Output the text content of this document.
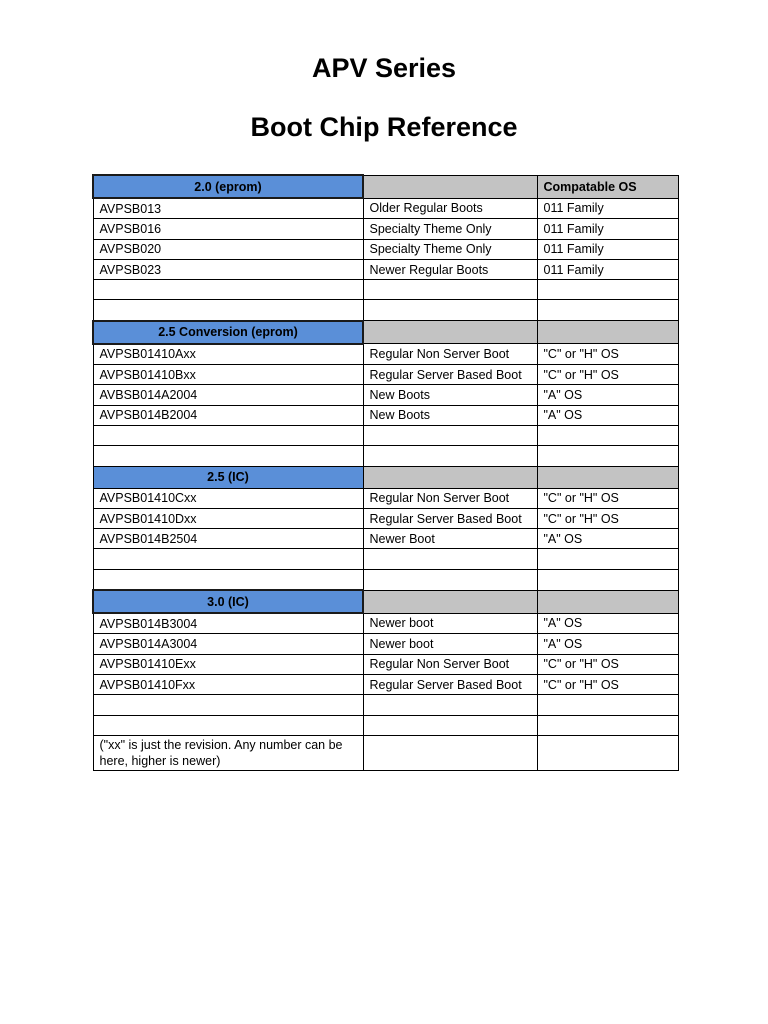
APV Series
Boot Chip Reference
2.0 (eprom)		Compatable OS
AVPSB013	Older Regular Boots	011 Family
AVPSB016	Specialty Theme Only	011 Family
AVPSB020	Specialty Theme Only	011 Family
AVPSB023	Newer Regular Boots	011 Family

2.5 Conversion (eprom)		
AVPSB01410Axx	Regular Non Server Boot	"C" or "H" OS
AVPSB01410Bxx	Regular Server Based Boot	"C" or "H" OS
AVBSB014A2004	New Boots	"A" OS
AVPSB014B2004	New Boots	"A" OS

2.5 (IC)		
AVPSB01410Cxx	Regular Non Server Boot	"C" or "H" OS
AVPSB01410Dxx	Regular Server Based Boot	"C" or "H" OS
AVPSB014B2504	Newer Boot	"A" OS

3.0 (IC)		
AVPSB014B3004	Newer boot	"A" OS
AVPSB014A3004	Newer boot	"A" OS
AVPSB01410Exx	Regular Non Server Boot	"C" or "H" OS
AVPSB01410Fxx	Regular Server Based Boot	"C" or "H" OS

("xx" is just the revision. Any number can be here, higher is newer)		
